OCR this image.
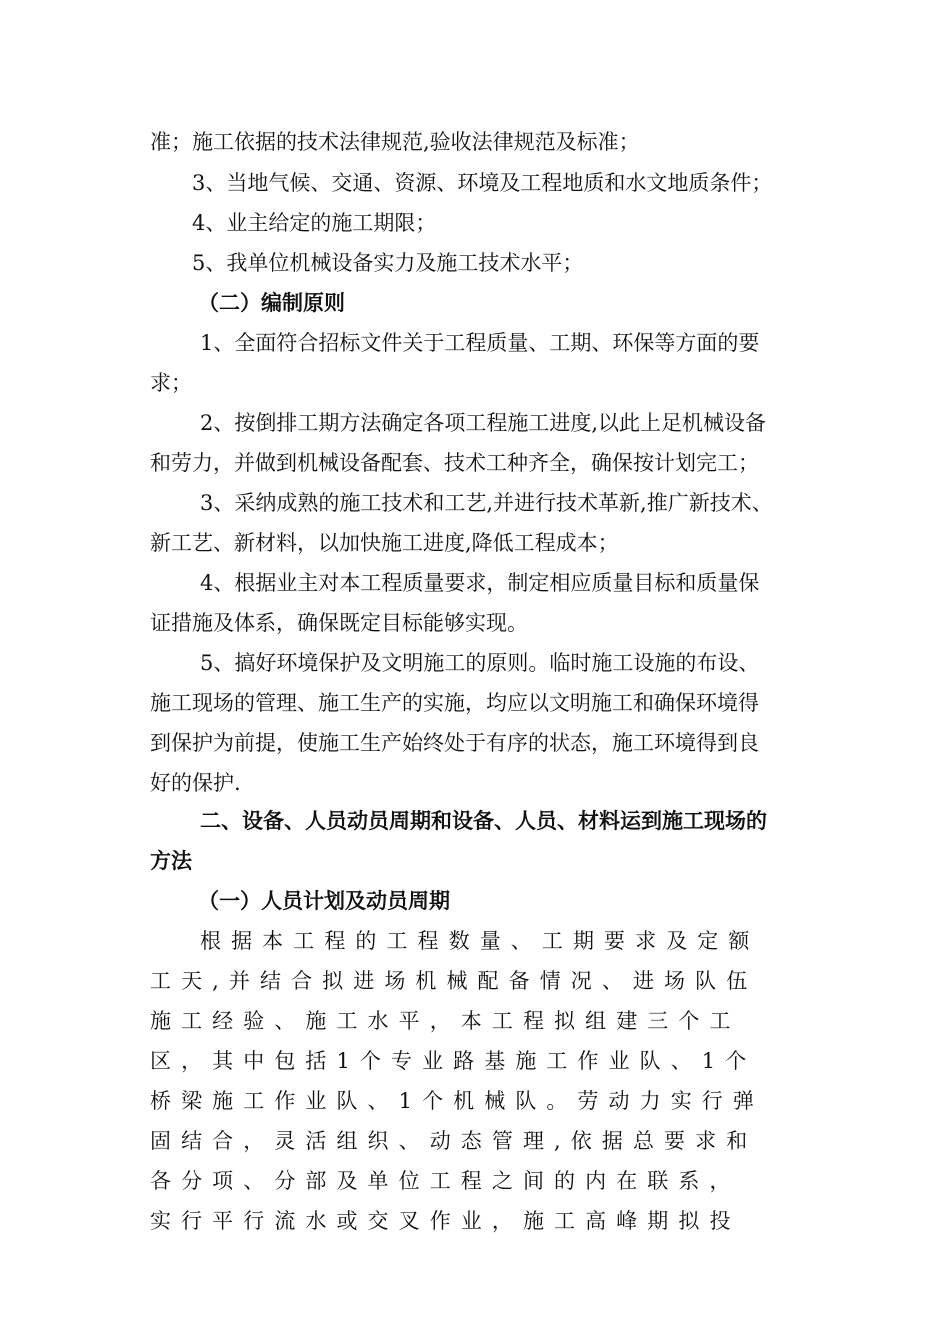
准；施工依据的技术法律规范,验收法律规范及标准；
3、当地气候、交通、资源、环境及工程地质和水文地质条件；
4、业主给定的施工期限；
5、我单位机械设备实力及施工技术水平；
（二）编制原则
1、全面符合招标文件关于工程质量、工期、环保等方面的要
求；
2、按倒排工期方法确定各项工程施工进度,以此上足机械设备
和劳力，并做到机械设备配套、技术工种齐全，确保按计划完工；
3、采纳成熟的施工技术和工艺,并进行技术革新,推广新技术、
新工艺、新材料，以加快施工进度,降低工程成本；
4、根据业主对本工程质量要求，制定相应质量目标和质量保
证措施及体系，确保既定目标能够实现。
5、搞好环境保护及文明施工的原则。临时施工设施的布设、
施工现场的管理、施工生产的实施，均应以文明施工和确保环境得
到保护为前提，使施工生产始终处于有序的状态，施工环境得到良
好的保护.
二、设备、人员动员周期和设备、人员、材料运到施工现场的
方法
（一）人员计划及动员周期
根据本工程的工程数量、工期要求及定额
工天,并结合拟进场机械配备情况、进场队伍
施工经验、施工水平，本工程拟组建三个工
区，其中包括1个专业路基施工作业队、1个
桥梁施工作业队、1个机械队。劳动力实行弹
固结合，灵活组织、动态管理,依据总要求和
各分项、分部及单位工程之间的内在联系，
实行平行流水或交叉作业，施工高峰期拟投
